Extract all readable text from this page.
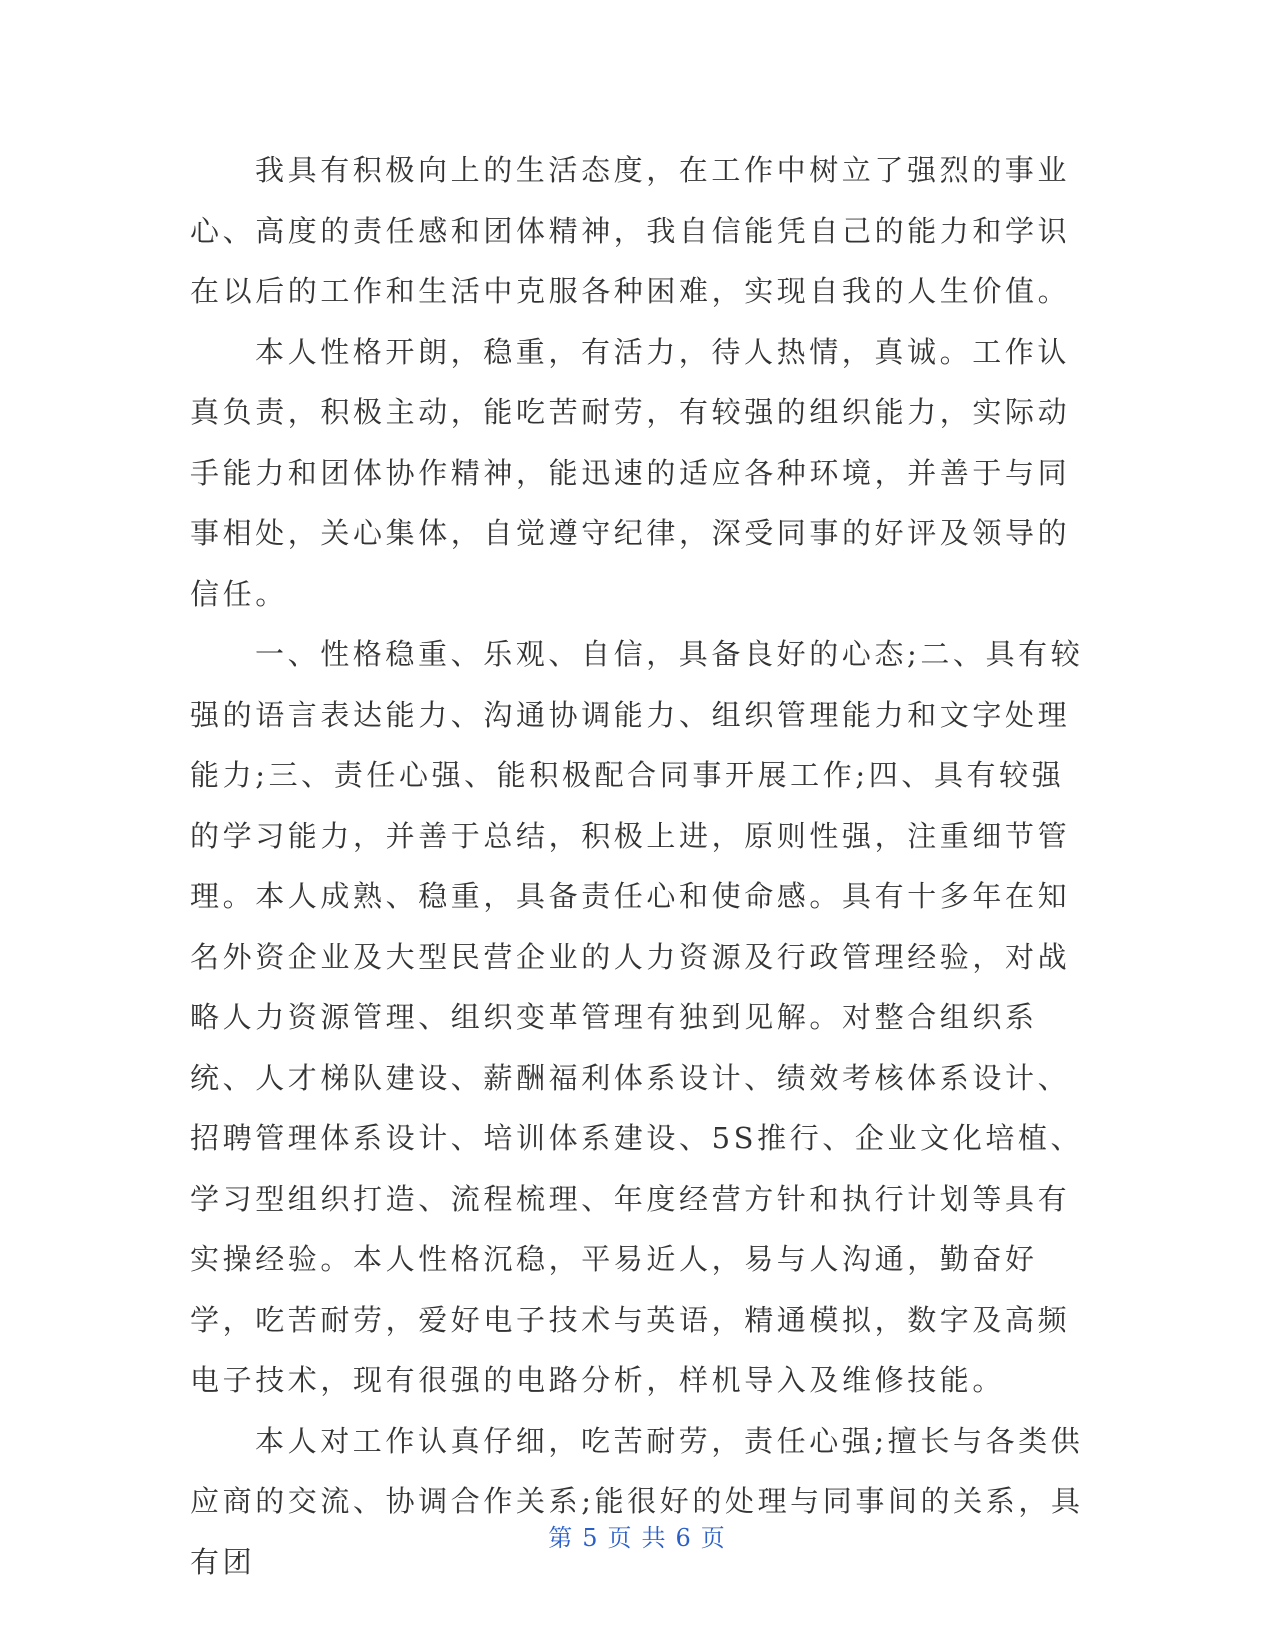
我具有积极向上的生活态度，在工作中树立了强烈的事业心、高度的责任感和团体精神，我自信能凭自己的能力和学识在以后的工作和生活中克服各种困难，实现自我的人生价值。

本人性格开朗，稳重，有活力，待人热情，真诚。工作认真负责，积极主动，能吃苦耐劳，有较强的组织能力，实际动手能力和团体协作精神，能迅速的适应各种环境，并善于与同事相处，关心集体，自觉遵守纪律，深受同事的好评及领导的信任。

一、性格稳重、乐观、自信，具备良好的心态;二、具有较强的语言表达能力、沟通协调能力、组织管理能力和文字处理能力;三、责任心强、能积极配合同事开展工作;四、具有较强的学习能力，并善于总结，积极上进，原则性强，注重细节管理。本人成熟、稳重，具备责任心和使命感。具有十多年在知名外资企业及大型民营企业的人力资源及行政管理经验，对战略人力资源管理、组织变革管理有独到见解。对整合组织系统、人才梯队建设、薪酬福利体系设计、绩效考核体系设计、招聘管理体系设计、培训体系建设、5S推行、企业文化培植、学习型组织打造、流程梳理、年度经营方针和执行计划等具有实操经验。本人性格沉稳，平易近人，易与人沟通，勤奋好学，吃苦耐劳，爱好电子技术与英语，精通模拟，数字及高频电子技术，现有很强的电路分析，样机导入及维修技能。

本人对工作认真仔细，吃苦耐劳，责任心强;擅长与各类供应商的交流、协调合作关系;能很好的处理与同事间的关系，具有团

第 5 页 共 6 页
